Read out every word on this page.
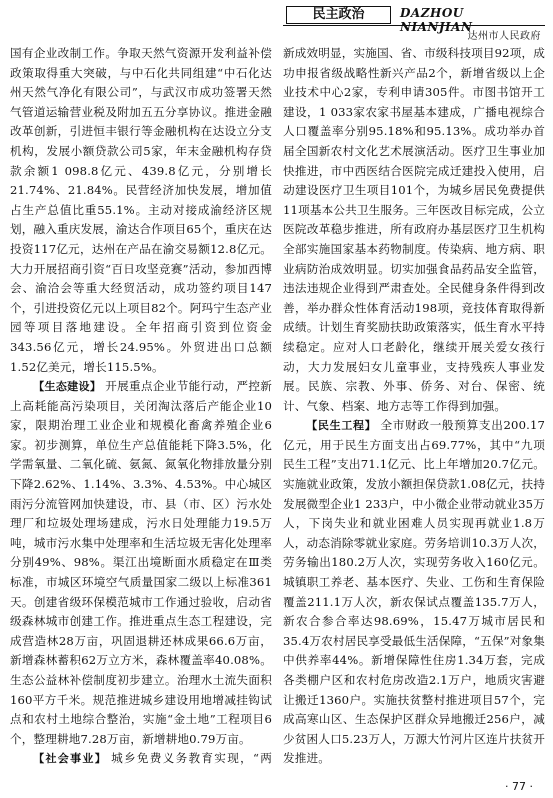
民主政治	DAZHOU NIANJIAN
达州市人民政府

国有企业改制工作。争取天然气资源开发利益补偿政策取得重大突破，与中石化共同组建“中石化达州天然气净化有限公司”，与武汉市成功签署天然气管道运输营业税及附加五五分享协议。推进金融改革创新，引进恒丰银行等金融机构在达设立分支机构，发展小额贷款公司5家，年末金融机构存贷款余额1 098.8亿元、439.8亿元，分别增长21.74%、21.84%。民营经济加快发展，增加值占生产总值比重55.1%。主动对接成渝经济区规划，融入重庆发展，渝达合作项目65个，重庆在达投资117亿元，达州在产品在渝交易额12.8亿元。大力开展招商引资“百日攻坚竞赛”活动，参加西博会、渝洽会等重大经贸活动，成功签约项目147个，引进投资亿元以上项目82个。阿玛宁生态产业园等项目落地建设。全年招商引资到位资金343.56亿元，增长24.95%。外贸进出口总额1.52亿美元，增长115.5%。

【生态建设】 开展重点企业节能行动，严控新上高耗能高污染项目，关闭淘汰落后产能企业10家，限期治理工业企业和规模化畜禽养殖企业6家。初步测算，单位生产总值能耗下降3.5%，化学需氧量、二氧化硫、氨氮、氮氧化物排放量分别下降2.62%、1.14%、3.3%、4.53%。中心城区雨污分流管网加快建设，市、县（市、区）污水处理厂和垃圾处理场建成，污水日处理能力19.5万吨，城市污水集中处理率和生活垃圾无害化处理率分别49%、98%。渠江出境断面水质稳定在Ⅲ类标准，市城区环境空气质量国家二级以上标准361天。创建省级环保模范城市工作通过验收，启动省级森林城市创建工作。推进重点生态工程建设，完成营造林28万亩，巩固退耕还林成果66.6万亩，新增森林蓄积62万立方米，森林覆盖率40.08%。生态公益林补偿制度初步建立。治理水土流失面积160平方千米。规范推进城乡建设用地增减挂钩试点和农村土地综合整治，实施“金土地”工程项目6个，整理耕地7.28万亩，新增耕地0.79万亩。

【社会事业】 城乡免费义务教育实现，“两

新成效明显，实施国、省、市级科技项目92项，成功申报省级战略性新兴产品2个，新增省级以上企业技术中心2家，专利申请305件。市图书馆开工建设，1 033家农家书屋基本建成，广播电视综合人口覆盖率分别95.18%和95.13%。成功举办首届全国新农村文化艺术展演活动。医疗卫生事业加快推进，市中西医结合医院完成迁建投入使用，启动建设医疗卫生项目101个，为城乡居民免费提供11项基本公共卫生服务。三年医改目标完成，公立医院改革稳步推进，所有政府办基层医疗卫生机构全部实施国家基本药物制度。传染病、地方病、职业病防治成效明显。切实加强食品药品安全监管，违法违规企业得到严肃查处。全民健身条件得到改善，举办群众性体育活动198项，竞技体育取得新成绩。计划生育奖励扶助政策落实，低生育水平持续稳定。应对人口老龄化，继续开展关爱女孩行动，大力发展妇女儿童事业，支持残疾人事业发展。民族、宗教、外事、侨务、对台、保密、统计、气象、档案、地方志等工作得到加强。

【民生工程】 全市财政一般预算支出200.17亿元，用于民生方面支出占69.77%，其中“九项民生工程”支出71.1亿元、比上年增加20.7亿元。实施就业政策，发放小额担保贷款1.08亿元，扶持发展微型企业1 233户，中小微企业带动就业35万人，下岗失业和就业困难人员实现再就业1.8万人，动态消除零就业家庭。劳务培训10.3万人次，劳务输出180.2万人次，实现劳务收入160亿元。城镇职工养老、基本医疗、失业、工伤和生育保险覆盖211.1万人次，新农保试点覆盖135.7万人，新农合参合率达98.69%，15.47万城市居民和35.4万农村居民享受最低生活保障，“五保”对象集中供养率44%。新增保障性住房1.34万套，完成各类棚户区和农村危房改造2.1万户，地质灾害避让搬迁1360户。实施扶贫整村推进项目57个，完成高寒山区、生态保护区群众异地搬迁256户，减少贫困人口5.23万人，万源大竹河片区连片扶贫开发推进。

· 77 ·
